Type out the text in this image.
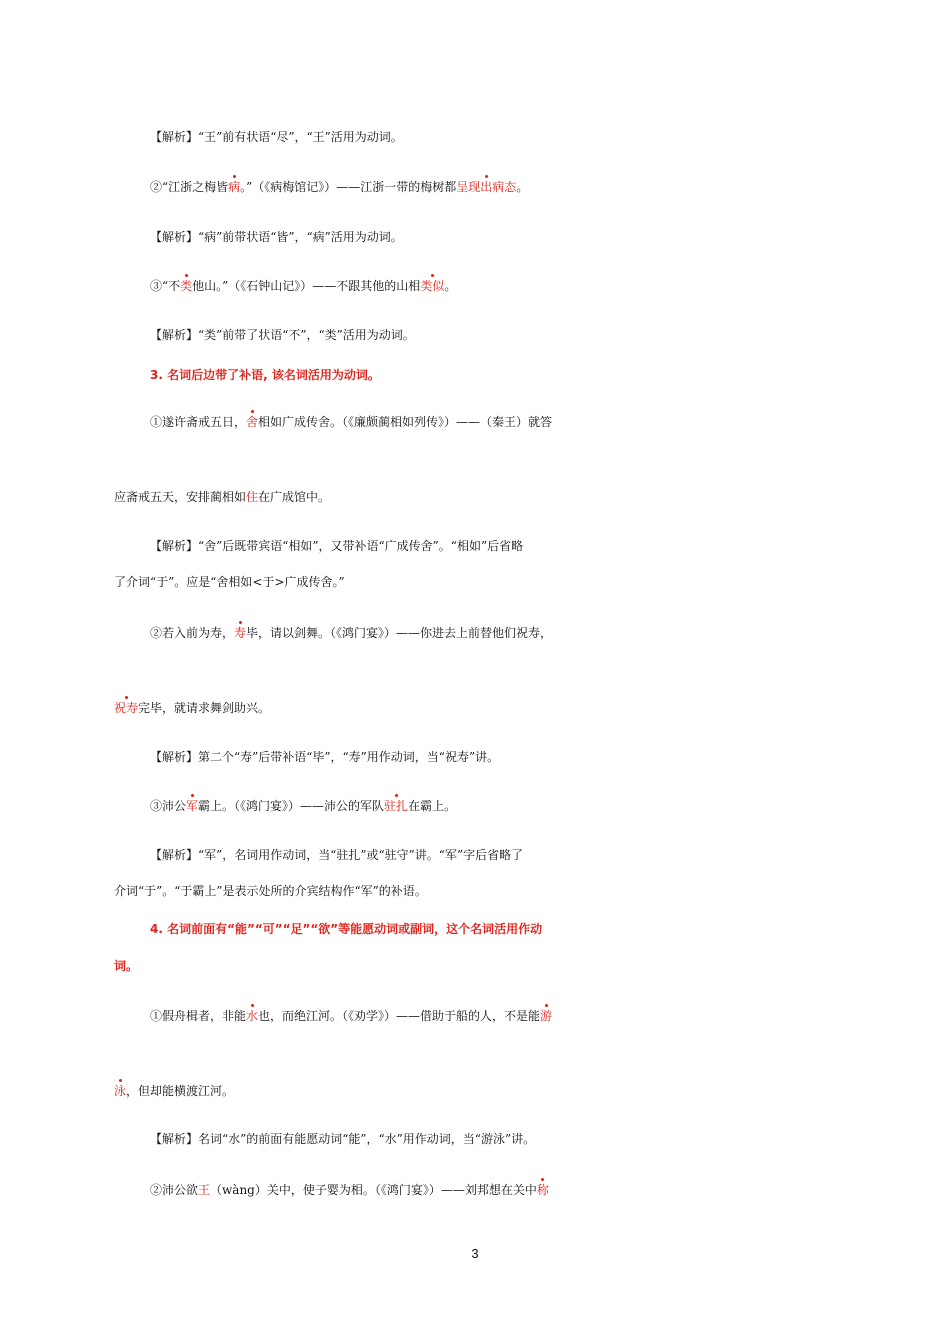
【解析】“王”前有状语“尽”，“王”活用为动词。
②“江浙之梅皆病。”（《病梅馆记》）——江浙一带的梅树都呈现出病态。
【解析】“病”前带状语“皆”，“病”活用为动词。
③“不类他山。”（《石钟山记》）——不跟其他的山相类似。
【解析】“类”前带了状语“不”，“类”活用为动词。
3. 名词后边带了补语, 该名词活用为动词。
①遂许斋戒五日，舍相如广成传舍。（《廉颇蔺相如列传》）——（秦王）就答
应斋戒五天，安排蔺相如住在广成馆中。
【解析】“舍”后既带宾语“相如”，又带补语“广成传舍”。“相如”后省略
了介词“于”。应是“舍相如<于>广成传舍。”
②若入前为寿，寿毕，请以剑舞。（《鸿门宴》）——你进去上前替他们祝寿，
祝寿完毕，就请求舞剑助兴。
【解析】第二个“寿”后带补语“毕”，“寿”用作动词，当“祝寿”讲。
③沛公军霸上。（《鸿门宴》）——沛公的军队驻扎在霸上。
【解析】“军”，名词用作动词，当“驻扎”或“驻守”讲。“军”字后省略了
介词“于”。“于霸上”是表示处所的介宾结构作“军”的补语。
4. 名词前面有“能”“可”“足”“欲”等能愿动词或副词，这个名词活用作动
词。
①假舟楫者，非能水也，而绝江河。（《劝学》）——借助于船的人，不是能游
泳，但却能横渡江河。
【解析】名词“水”的前面有能愿动词“能”，“水”用作动词，当“游泳”讲。
②沛公欲王（wàng）关中，使子婴为相。（《鸿门宴》）——刘邦想在关中称
3
